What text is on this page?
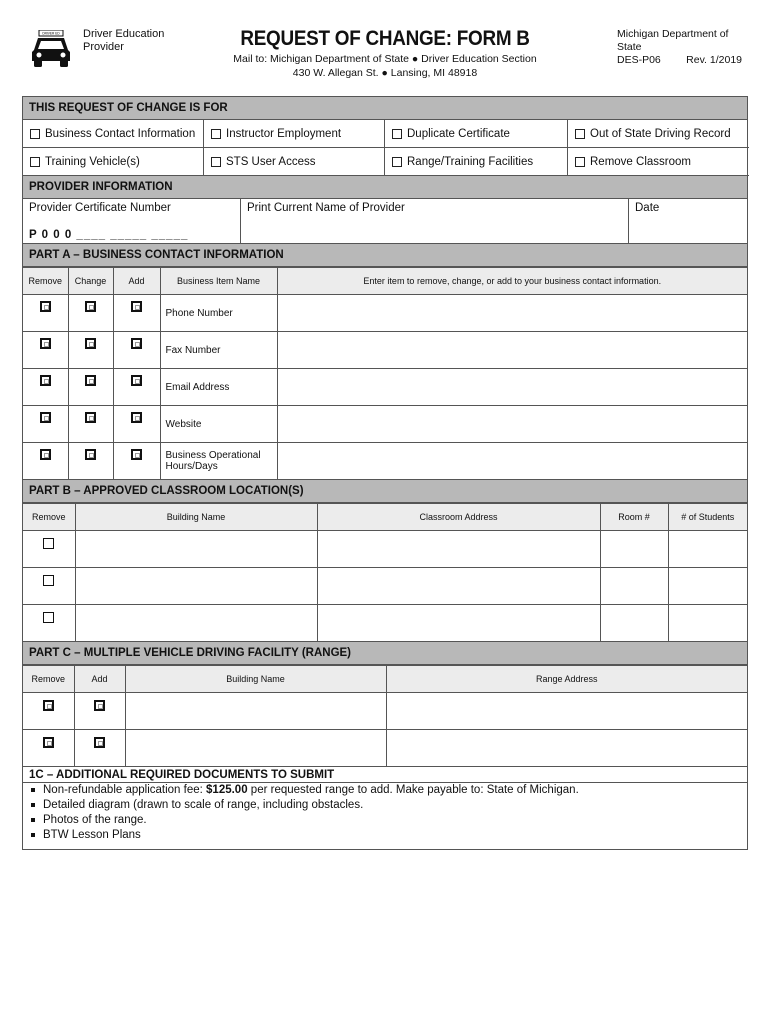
DRIVER ED Driver Education
Provider	REQUEST OF CHANGE: FORM B
Mail to: Michigan Department of State ● Driver Education Section
430 W. Allegan St. ● Lansing, MI 48918
Michigan Department of State
DES-P06 Rev. 1/2019
THIS REQUEST OF CHANGE IS FOR
Business Contact Information	Instructor Employment	Duplicate Certificate	Out of State Driving Record
Training Vehicle(s)	STS User Access	Range/Training Facilities	Remove Classroom
PROVIDER INFORMATION
Provider Certificate Number
P 0 0 0 ____ _____ _____
Print Current Name of Provider	Date
PART A – BUSINESS CONTACT INFORMATION
Remove	Change	Add	Business Item Name	Enter item to remove, change, or add to your business contact information.
			Phone Number	
			Fax Number	
			Email Address	
			Website	
			Business Operational Hours/Days	
PART B – APPROVED CLASSROOM LOCATION(S)
Remove	Building Name	Classroom Address	Room #	# of Students

PART C – MULTIPLE VEHICLE DRIVING FACILITY (RANGE)
Remove	Add	Building Name	Range Address

1C – ADDITIONAL REQUIRED DOCUMENTS TO SUBMIT
Non-refundable application fee: $125.00 per requested range to add. Make payable to: State of Michigan.
Detailed diagram (drawn to scale of range, including obstacles.
Photos of the range.
BTW Lesson Plans
